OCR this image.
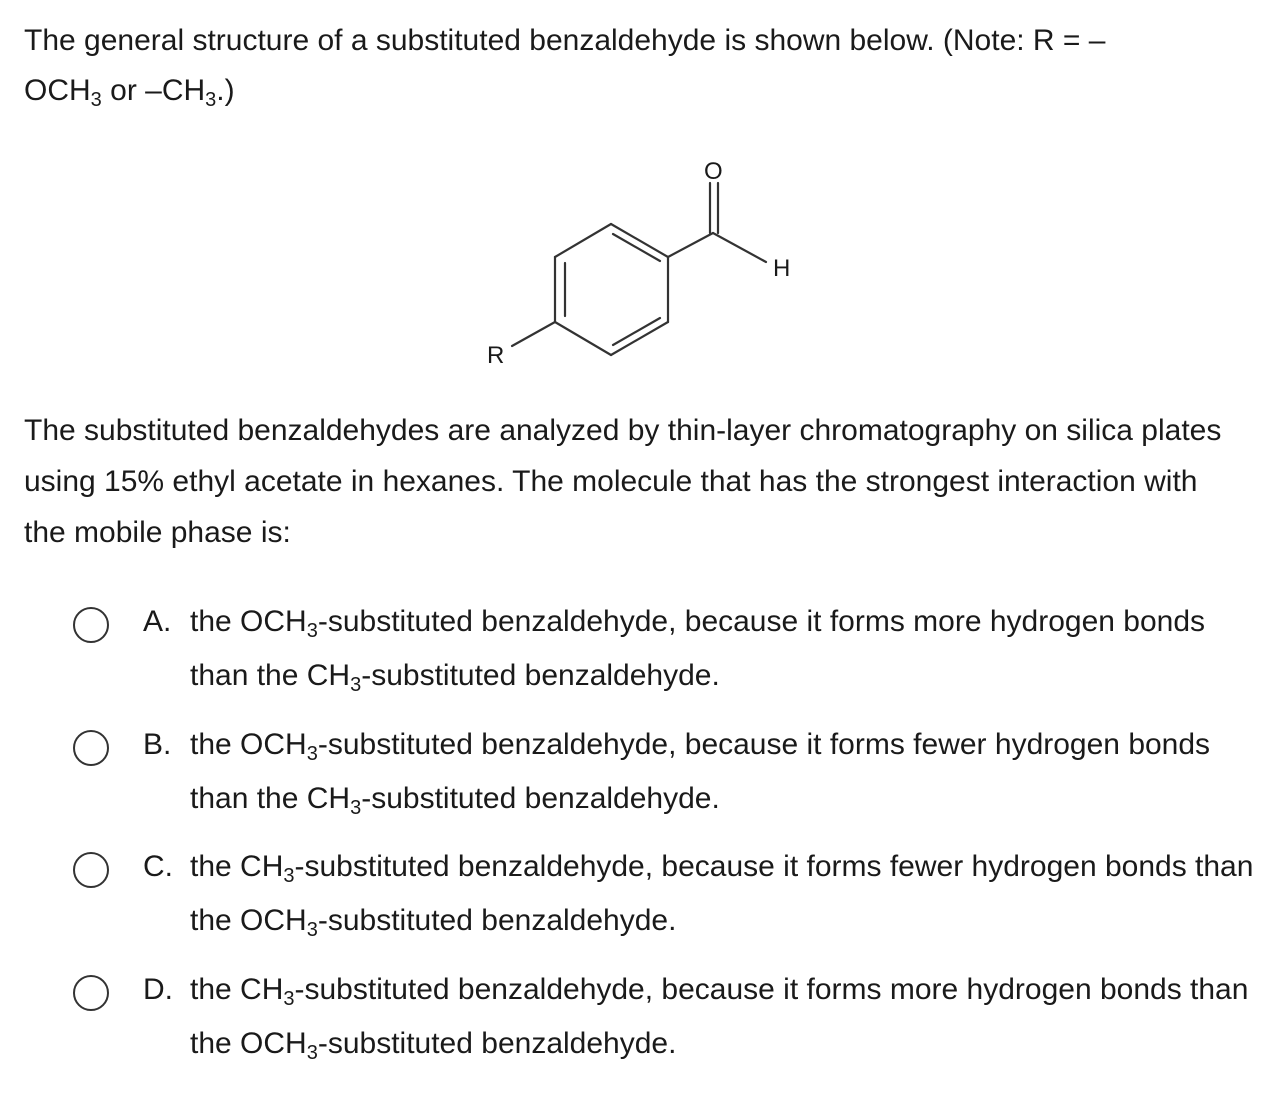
The general structure of a substituted benzaldehyde is shown below. (Note: R = –
$OCH_3$ or $-CH_3$.)
O
H
R
The substituted benzaldehydes are analyzed by thin-layer chromatography on silica plates using 15% ethyl acetate in hexanes. The molecule that has the strongest interaction with the mobile phase is:
A. the $OCH_3$-substituted benzaldehyde, because it forms more hydrogen bonds than the $CH_3$-substituted benzaldehyde.
B. the $OCH_3$-substituted benzaldehyde, because it forms fewer hydrogen bonds than the $CH_3$-substituted benzaldehyde.
C. the $CH_3$-substituted benzaldehyde, because it forms fewer hydrogen bonds than the $OCH_3$-substituted benzaldehyde.
D. the $CH_3$-substituted benzaldehyde, because it forms more hydrogen bonds than the $OCH_3$-substituted benzaldehyde.
